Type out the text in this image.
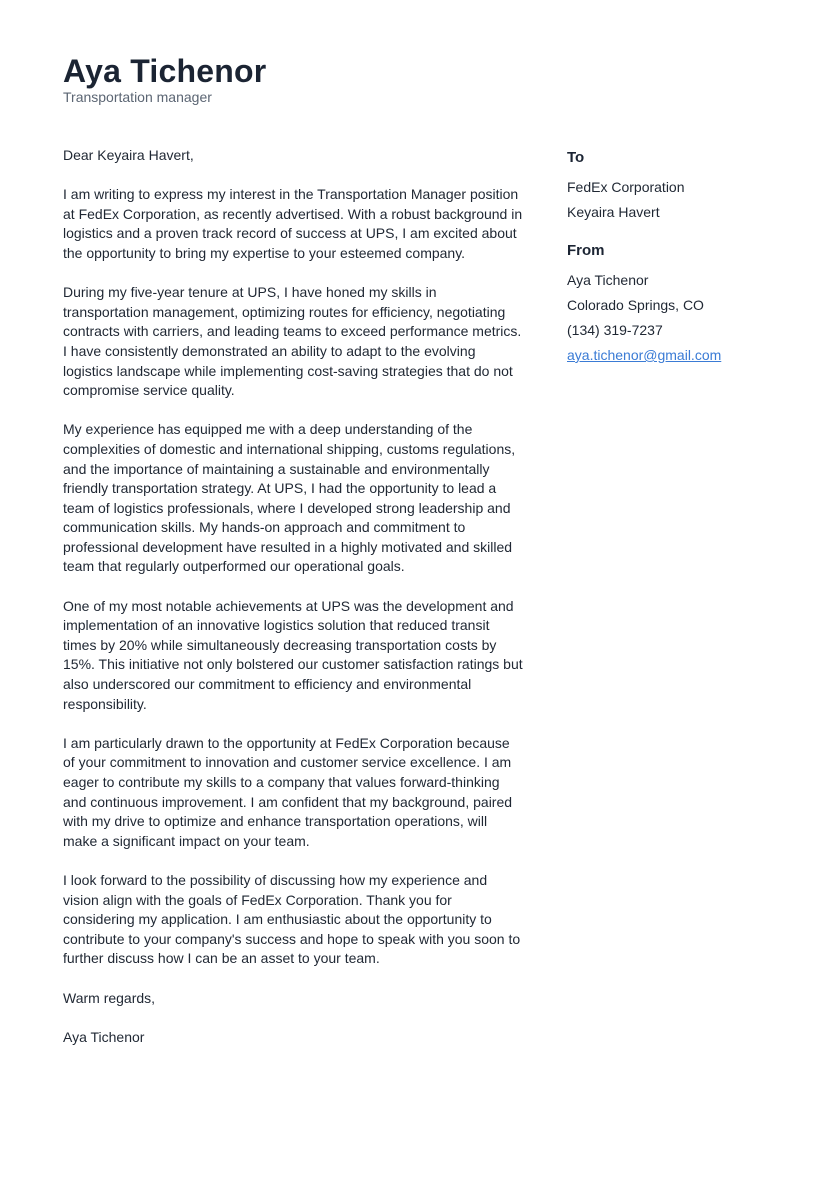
Aya Tichenor
Transportation manager

Dear Keyaira Havert,

I am writing to express my interest in the Transportation Manager position at FedEx Corporation, as recently advertised. With a robust background in logistics and a proven track record of success at UPS, I am excited about the opportunity to bring my expertise to your esteemed company.

During my five-year tenure at UPS, I have honed my skills in transportation management, optimizing routes for efficiency, negotiating contracts with carriers, and leading teams to exceed performance metrics. I have consistently demonstrated an ability to adapt to the evolving logistics landscape while implementing cost-saving strategies that do not compromise service quality.

My experience has equipped me with a deep understanding of the complexities of domestic and international shipping, customs regulations, and the importance of maintaining a sustainable and environmentally friendly transportation strategy. At UPS, I had the opportunity to lead a team of logistics professionals, where I developed strong leadership and communication skills. My hands-on approach and commitment to professional development have resulted in a highly motivated and skilled team that regularly outperformed our operational goals.

One of my most notable achievements at UPS was the development and implementation of an innovative logistics solution that reduced transit times by 20% while simultaneously decreasing transportation costs by 15%. This initiative not only bolstered our customer satisfaction ratings but also underscored our commitment to efficiency and environmental responsibility.

I am particularly drawn to the opportunity at FedEx Corporation because of your commitment to innovation and customer service excellence. I am eager to contribute my skills to a company that values forward-thinking and continuous improvement. I am confident that my background, paired with my drive to optimize and enhance transportation operations, will make a significant impact on your team.

I look forward to the possibility of discussing how my experience and vision align with the goals of FedEx Corporation. Thank you for considering my application. I am enthusiastic about the opportunity to contribute to your company's success and hope to speak with you soon to further discuss how I can be an asset to your team.

Warm regards,

Aya Tichenor

To
FedEx Corporation
Keyaira Havert
From
Aya Tichenor
Colorado Springs, CO
(134) 319-7237
aya.tichenor@gmail.com
